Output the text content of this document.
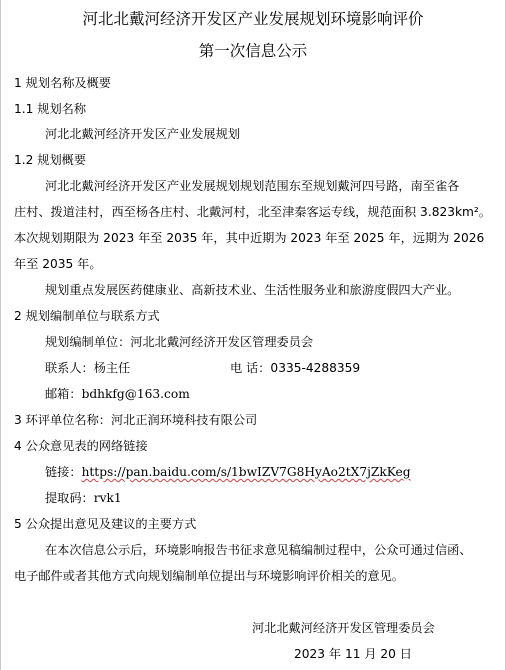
河北北戴河经济开发区产业发展规划环境影响评价
第一次信息公示
1 规划名称及概要
1.1 规划名称
河北北戴河经济开发区产业发展规划
1.2 规划概要
河北北戴河经济开发区产业发展规划规划范围东至规划戴河四号路，南至雀各
庄村、拨道洼村，西至杨各庄村、北戴河村，北至津秦客运专线，规范面积 3.823km²。
本次规划期限为 2023 年至 2035 年，其中近期为 2023 年至 2025 年，远期为 2026
年至 2035 年。
规划重点发展医药健康业、高新技术业、生活性服务业和旅游度假四大产业。
2 规划编制单位与联系方式
规划编制单位：河北北戴河经济开发区管理委员会
联系人：杨主任	电 话：0335-4288359
邮箱：bdhkfg@163.com
3 环评单位名称：河北正润环境科技有限公司
4 公众意见表的网络链接
链接：https://pan.baidu.com/s/1bwIZV7G8HyAo2tX7jZkKeg
提取码：rvk1
5 公众提出意见及建议的主要方式
在本次信息公示后，环境影响报告书征求意见稿编制过程中，公众可通过信函、
电子邮件或者其他方式向规划编制单位提出与环境影响评价相关的意见。
河北北戴河经济开发区管理委员会
2023 年 11 月 20 日
